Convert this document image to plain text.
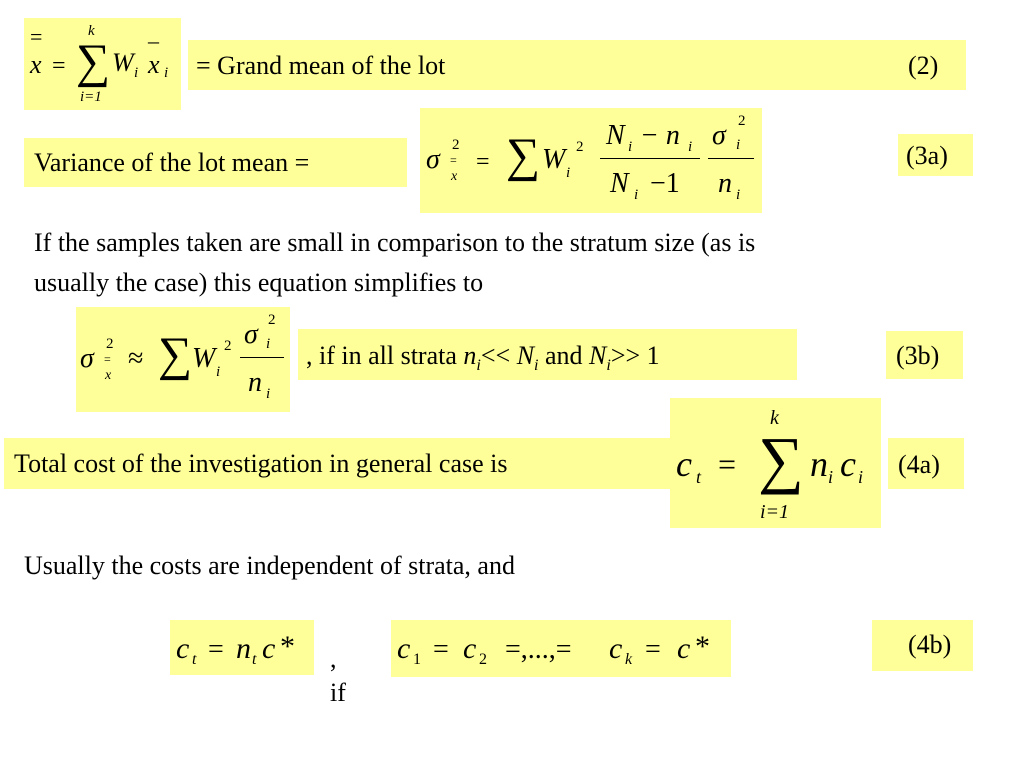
=
x =
k
∑
i=1
W i
–
x i = Grand mean of the lot	(2)
Variance of the lot mean =	σ 2
=
x
= ∑ W i
2 N i − n i
N i −1
σ 2
i
n i
(3a)
If the samples taken are small in comparison to the stratum size (as is
usually the case) this equation simplifies to
σ 2
=
x
≈ ∑ W i
2 σ 2
i
n i
, if in all strata $n_i<< N_i$ and $N_i>> 1$	(3b)
Total cost of the investigation in general case is	c t =
k
∑
i=1
n i c i (4a)
Usually the costs are independent of strata, and
c t = n t c * ,
if
c 1 = c 2 =,...,= c k = c *	(4b)
